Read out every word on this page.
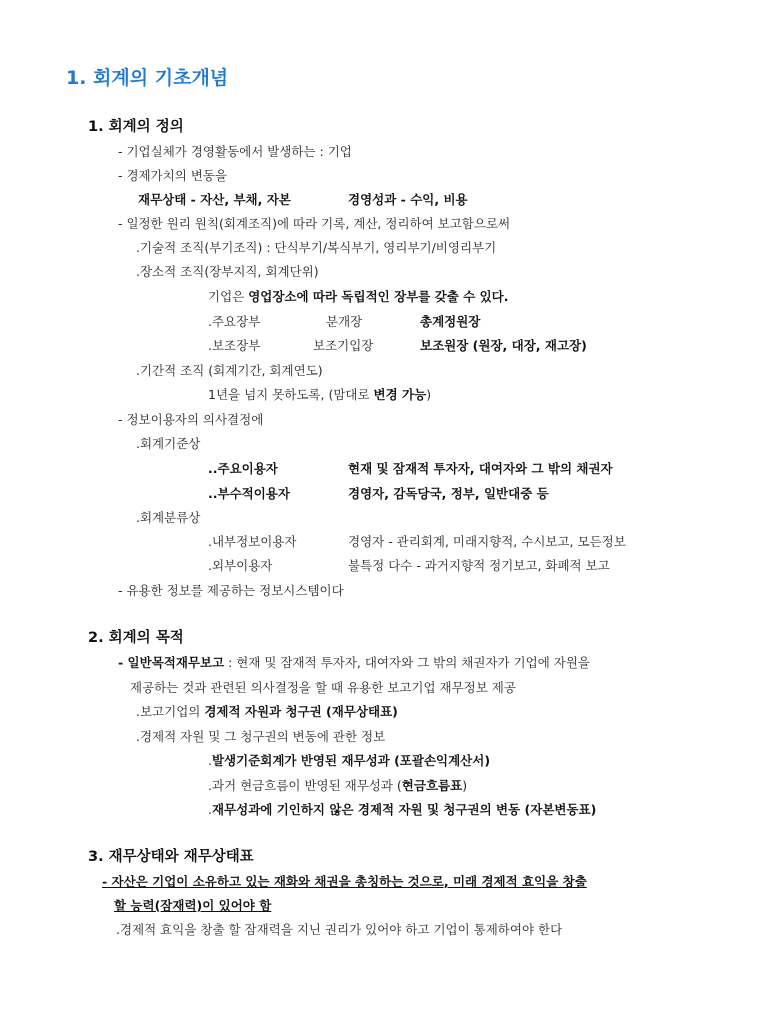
1. 회계의 기초개념
1. 회계의 정의
- 기업실체가 경영활동에서 발생하는 : 기업
- 경제가치의 변동을
재무상태 - 자산, 부채, 자본	경영성과 - 수익, 비용
- 일정한 원리 원칙(회계조직)에 따라 기록, 계산, 정리하여 보고함으로써
.기술적 조직(부기조직) : 단식부기/복식부기, 영리부기/비영리부기
.장소적 조직(장부지직, 회계단위)
기업은 영업장소에 따라 독립적인 장부를 갖출 수 있다.
.주요장부	분개장	총계정원장
.보조장부	보조기입장	보조원장 (원장, 대장, 재고장)
.기간적 조직 (회계기간, 회계연도)
1년을 넘지 못하도록, (맘대로 변경 가능)
- 정보이용자의 의사결정에
.회계기준상
..주요이용자	현재 및 잠재적 투자자, 대여자와 그 밖의 채권자
..부수적이용자	경영자, 감독당국, 정부, 일반대중 등
.회계분류상
.내부정보이용자	경영자 - 관리회계, 미래지향적, 수시보고, 모든정보
.외부이용자	불특정 다수 - 과거지향적 정기보고, 화폐적 보고
- 유용한 정보를 제공하는 정보시스템이다
2. 회계의 목적
- 일반목적재무보고 : 현재 및 잠재적 투자자, 대여자와 그 밖의 채권자가 기업에 자원을
제공하는 것과 관련된 의사결정을 할 때 유용한 보고기업 재무정보 제공
.보고기업의 경제적 자원과 청구권 (재무상태표)
.경제적 자원 및 그 청구권의 변동에 관한 정보
.발생기준회계가 반영된 재무성과 (포괄손익계산서)
.과거 현금흐름이 반영된 재무성과 (현금흐름표)
.재무성과에 기인하지 않은 경제적 자원 및 청구권의 변동 (자본변동표)
3. 재무상태와 재무상태표
- 자산은 기업이 소유하고 있는 재화와 채권을 총칭하는 것으로, 미래 경제적 효익을 창출
할 능력(잠재력)이 있어야 함
.경제적 효익을 창출 할 잠재력을 지닌 권리가 있어야 하고 기업이 통제하여야 한다
